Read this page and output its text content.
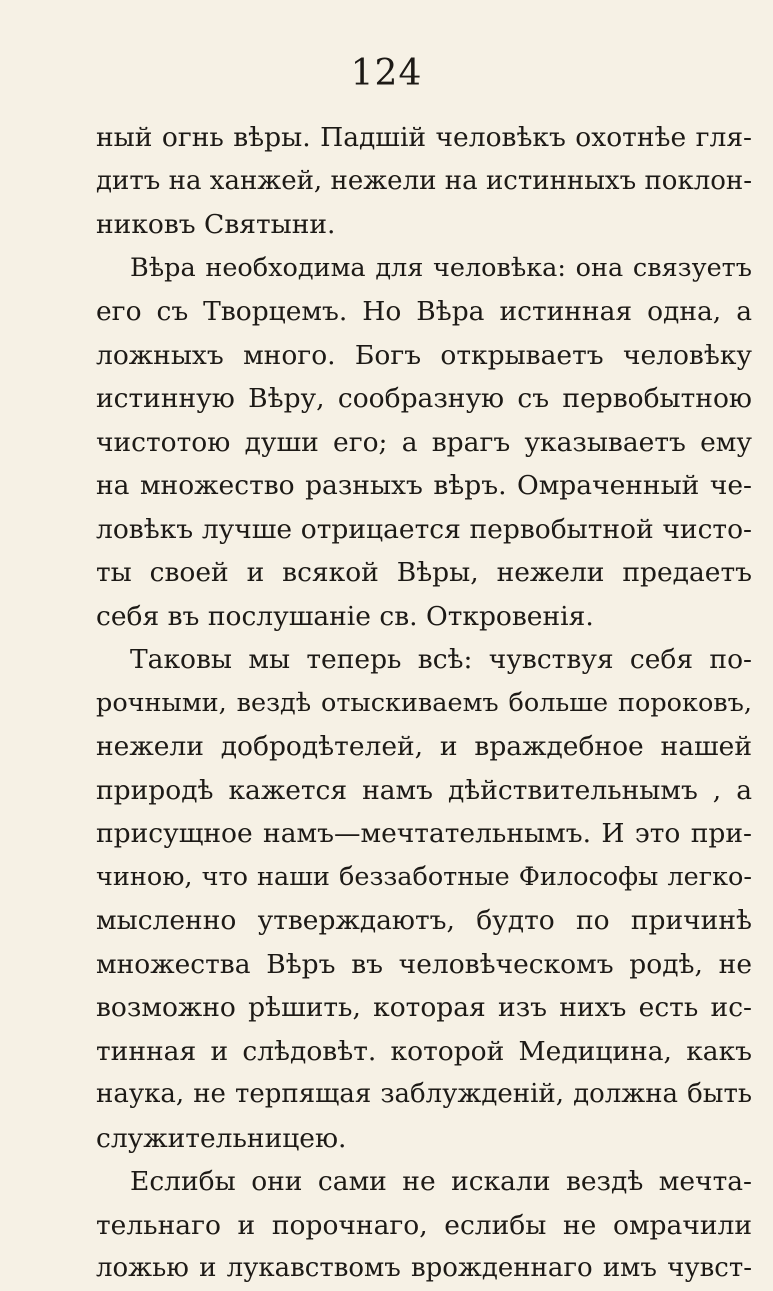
124
ный огнь вѣры. Падшій человѣкъ охотнѣе гля-
дитъ на ханжей, нежели на истинныхъ поклон-
никовъ Святыни.
Вѣра необходима для человѣка: она связуетъ
его съ Творцемъ. Но Вѣра истинная одна, а
ложныхъ много. Богъ открываетъ человѣку
истинную Вѣру, сообразную съ первобытною
чистотою души его; а врагъ указываетъ ему
на множество разныхъ вѣръ. Омраченный че-
ловѣкъ лучше отрицается первобытной чисто-
ты своей и всякой Вѣры, нежели предаетъ
себя въ послушаніе св. Откровенія.
Таковы мы теперь всѣ: чувствуя себя по-
рочными, вездѣ отыскиваемъ больше пороковъ,
нежели добродѣтелей, и враждебное нашей
природѣ кажется намъ дѣйствительнымъ , а
присущное намъ—мечтательнымъ. И это при-
чиною, что наши беззаботные Философы легко-
мысленно утверждаютъ, будто по причинѣ
множества Вѣръ въ человѣческомъ родѣ, не
возможно рѣшить, которая изъ нихъ есть ис-
тинная и слѣдовѣт. которой Медицина, какъ
наука, не терпящая заблужденій, должна быть
служительницею.
Еслибы они сами не искали вездѣ мечта-
тельнаго и порочнаго, еслибы не омрачили
ложью и лукавствомъ врожденнаго имъ чувст-
